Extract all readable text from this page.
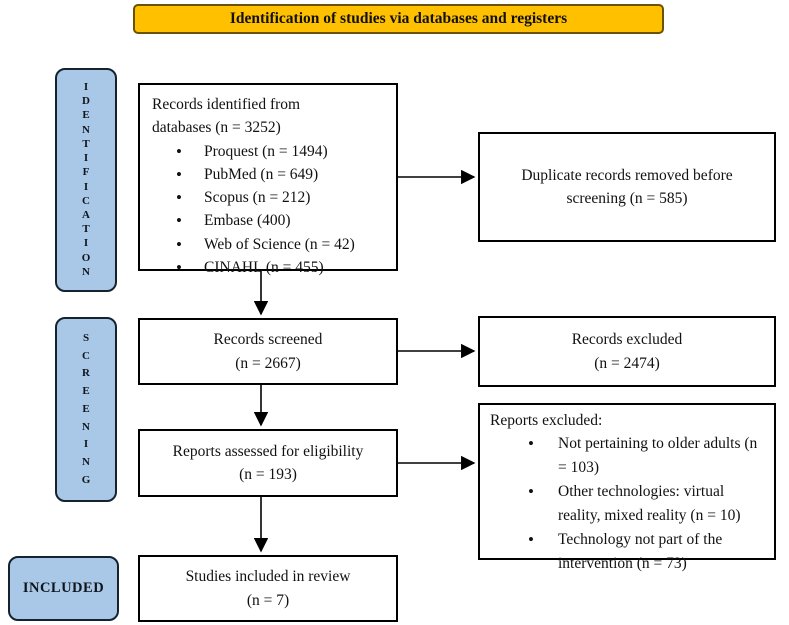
Identification of studies via databases and registers
I
D
E
N
T
I
F
I
C
A
T
I
O
N
S
C
R
E
E
N
I
N
G
INCLUDED
Records identified from
databases (n = 3252)
• Proquest (n = 1494)
• PubMed (n = 649)
• Scopus (n = 212)
• Embase (400)
• Web of Science (n = 42)
• CINAHL (n = 455)
Duplicate records removed before
screening (n = 585)
Records screened
(n = 2667)
Records excluded
(n = 2474)
Reports assessed for eligibility
(n = 193)
Reports excluded:
• Not pertaining to older adults (n = 103)
• Other technologies: virtual reality, mixed reality (n = 10)
• Technology not part of the intervention (n = 73)
Studies included in review
(n = 7)
